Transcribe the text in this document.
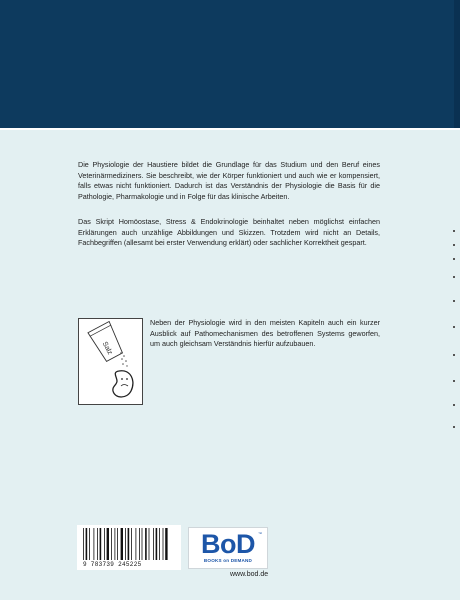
Die Physiologie der Haustiere bildet die Grundlage für das Studium und den Beruf eines Veterinärmediziners. Sie beschreibt, wie der Körper funktioniert und auch wie er kompensiert, falls etwas nicht funktioniert. Dadurch ist das Verständnis der Physiologie die Basis für die Pathologie, Pharmakologie und in Folge für das klinische Arbeiten.

Das Skript Homöostase, Stress & Endokrinologie beinhaltet neben möglichst einfachen Erklärungen auch unzählige Abbildungen und Skizzen. Trotzdem wird nicht an Details, Fachbegriffen (allesamt bei erster Verwendung erklärt) oder sachlicher Korrektheit gespart.

Salz

Neben der Physiologie wird in den meisten Kapiteln auch ein kurzer Ausblick auf Pathomechanismen des betroffenen Systems geworfen, um auch gleichsam Verständnis hierfür aufzubauen.

9 783739 245225
BoD
BOOKS on DEMAND
™
www.bod.de
